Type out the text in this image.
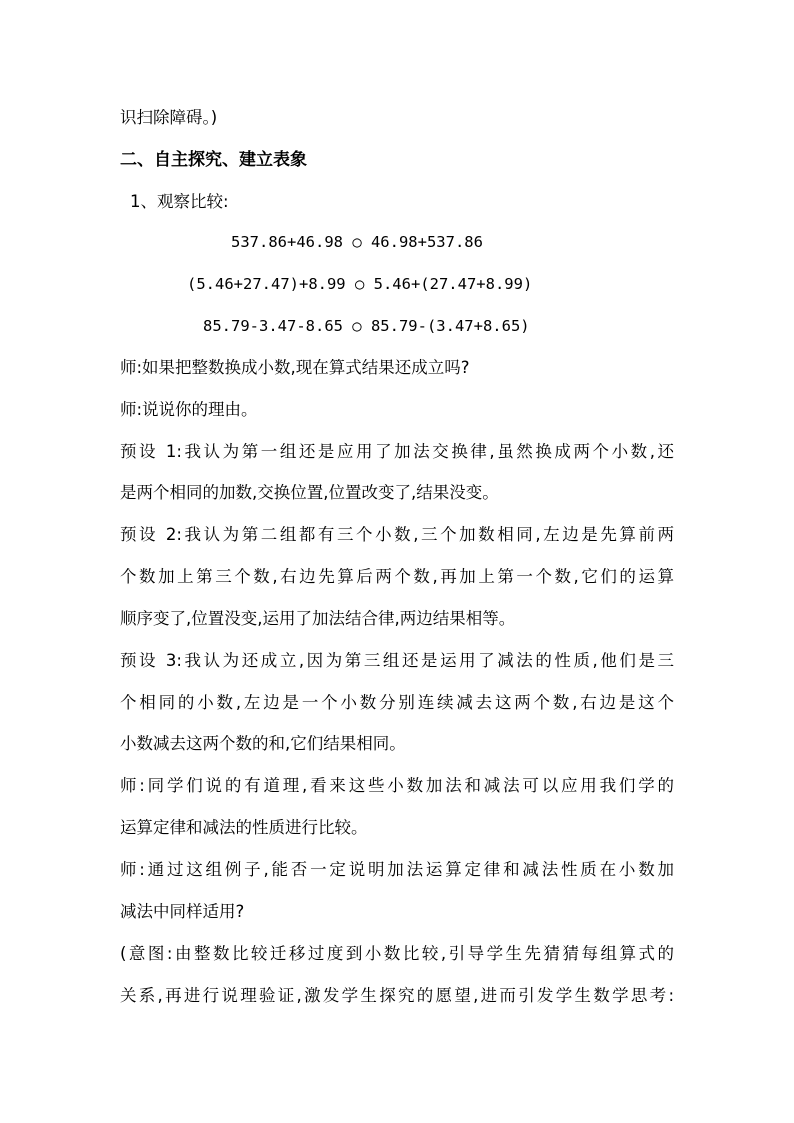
识扫除障碍。)
二、自主探究、建立表象
1、观察比较:
537.86+46.98 ○ 46.98+537.86
(5.46+27.47)+8.99 ○ 5.46+(27.47+8.99)
85.79-3.47-8.65 ○ 85.79-(3.47+8.65)
师:如果把整数换成小数,现在算式结果还成立吗?
师:说说你的理由。
预设 1:我认为第一组还是应用了加法交换律,虽然换成两个小数,还
是两个相同的加数,交换位置,位置改变了,结果没变。
预设 2:我认为第二组都有三个小数,三个加数相同,左边是先算前两
个数加上第三个数,右边先算后两个数,再加上第一个数,它们的运算
顺序变了,位置没变,运用了加法结合律,两边结果相等。
预设 3:我认为还成立,因为第三组还是运用了减法的性质,他们是三
个相同的小数,左边是一个小数分别连续减去这两个数,右边是这个
小数减去这两个数的和,它们结果相同。
师:同学们说的有道理,看来这些小数加法和减法可以应用我们学的
运算定律和减法的性质进行比较。
师:通过这组例子,能否一定说明加法运算定律和减法性质在小数加
减法中同样适用?
(意图:由整数比较迁移过度到小数比较,引导学生先猜猜每组算式的
关系,再进行说理验证,激发学生探究的愿望,进而引发学生数学思考:
